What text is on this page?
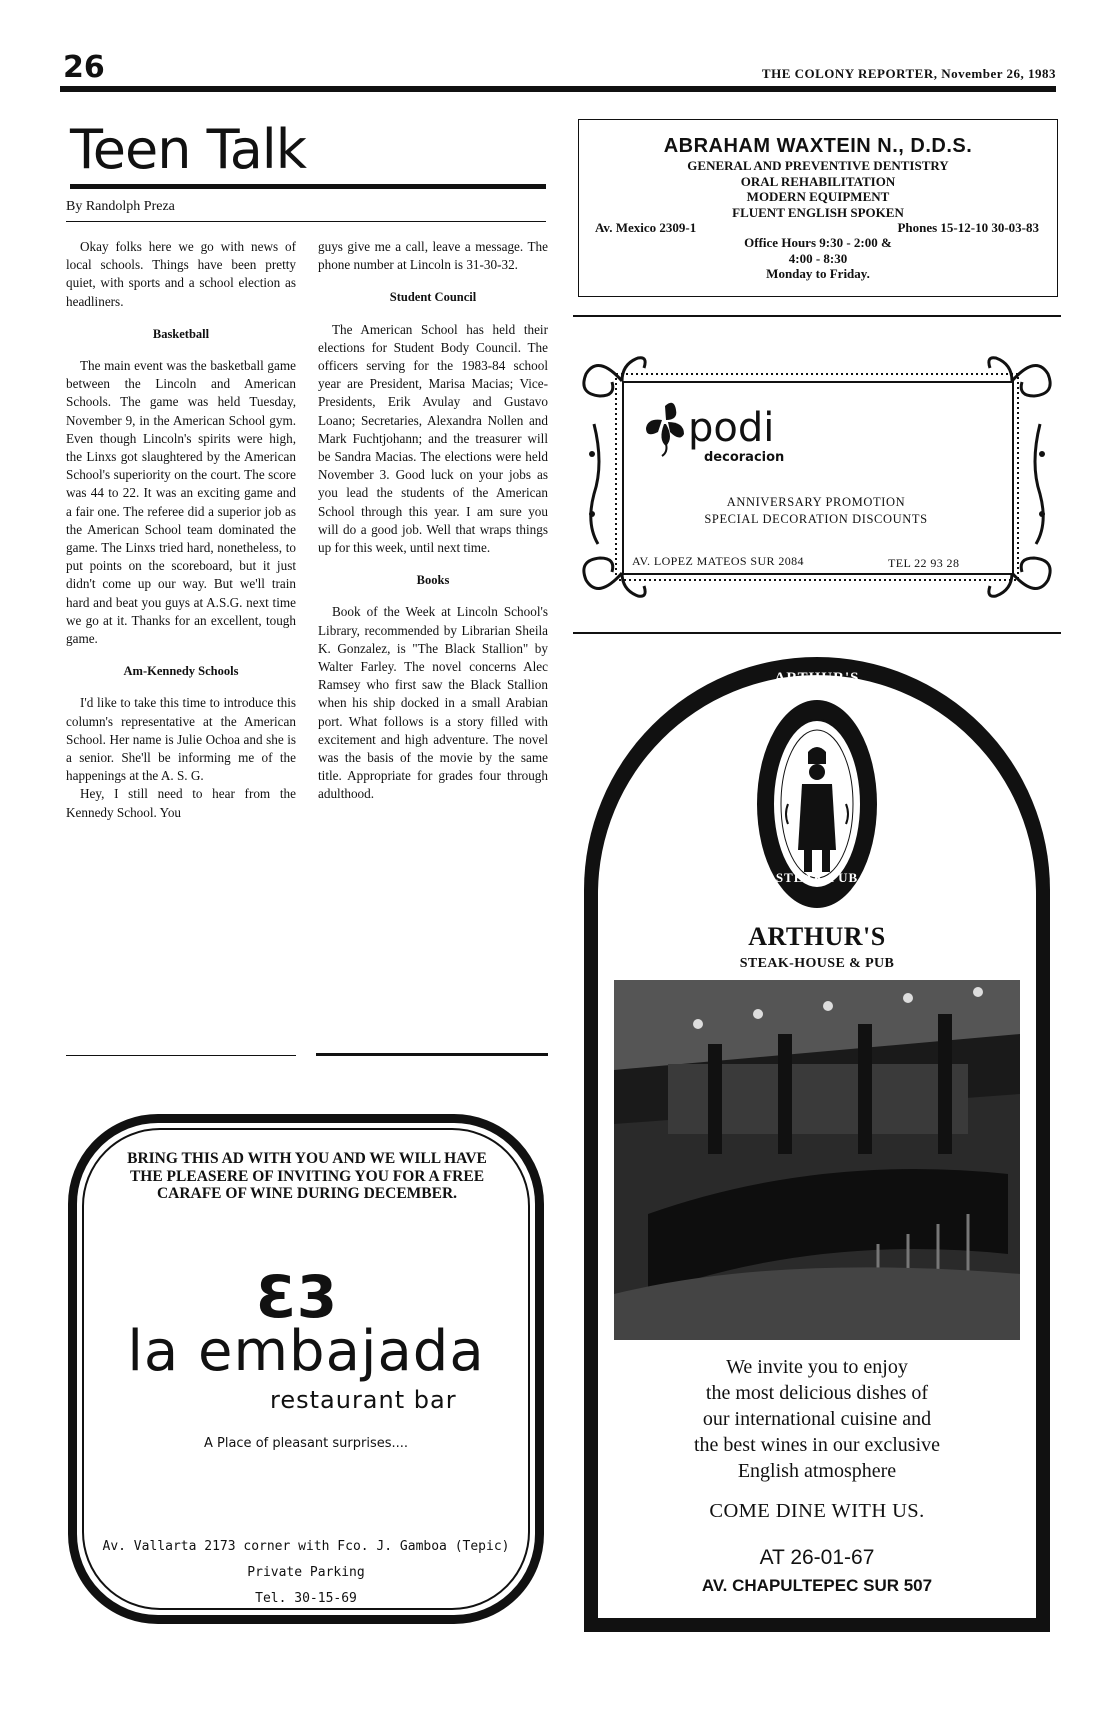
26	THE COLONY REPORTER, November 26, 1983
Teen Talk
By Randolph Preza

Okay folks here we go with news of local schools. Things have been pretty quiet, with sports and a school election as headliners.

Basketball

The main event was the basketball game between the Lincoln and American Schools. The game was held Tuesday, November 9, in the American School gym. Even though Lincoln's spirits were high, the Linxs got slaughtered by the American School's superiority on the court. The score was 44 to 22. It was an exciting game and a fair one. The referee did a superior job as the American School team dominated the game. The Linxs tried hard, nonetheless, to put points on the scoreboard, but it just didn't come up our way. But we'll train hard and beat you guys at A.S.G. next time we go at it. Thanks for an excellent, tough game.

Am-Kennedy Schools

I'd like to take this time to introduce this column's representative at the American School. Her name is Julie Ochoa and she is a senior. She'll be informing me of the happenings at the A. S. G.

Hey, I still need to hear from the Kennedy School. You

guys give me a call, leave a message. The phone number at Lincoln is 31-30-32.

Student Council

The American School has held their elections for Student Body Council. The officers serving for the 1983-84 school year are President, Marisa Macias; Vice-Presidents, Erik Avulay and Gustavo Loano; Secretaries, Alexandra Nollen and Mark Fuchtjohann; and the treasurer will be Sandra Macias. The elections were held November 3. Good luck on your jobs as you lead the students of the American School through this year. I am sure you will do a good job. Well that wraps things up for this week, until next time.

Books

Book of the Week at Lincoln School's Library, recommended by Librarian Sheila K. Gonzalez, is "The Black Stallion" by Walter Farley. The novel concerns Alec Ramsey who first saw the Black Stallion when his ship docked in a small Arabian port. What follows is a story filled with excitement and high adventure. The novel was the basis of the movie by the same title. Appropriate for grades four through adulthood.

ABRAHAM WAXTEIN N., D.D.S.
GENERAL AND PREVENTIVE DENTISTRY
ORAL REHABILITATION
MODERN EQUIPMENT
FLUENT ENGLISH SPOKEN
Av. Mexico 2309-1	Phones 15-12-10 30-03-83
Office Hours 9:30 - 2:00 &
4:00 - 8:30
Monday to Friday.
podi
decoracion
ANNIVERSARY PROMOTION
SPECIAL DECORATION DISCOUNTS
AV. LOPEZ MATEOS SUR 2084	TEL 22 93 28
ARTHUR'S
STEAK PUB
ARTHUR'S
STEAK-HOUSE & PUB
We invite you to enjoy
the most delicious dishes of
our international cuisine and
the best wines in our exclusive
English atmosphere
COME DINE WITH US.
AT 26-01-67
AV. CHAPULTEPEC SUR 507
BRING THIS AD WITH YOU AND WE WILL HAVE THE PLEASERE OF INVITING YOU FOR A FREE CARAFE OF WINE DURING DECEMBER.
ƐƐ
la embajada
restaurant bar
A Place of pleasant surprises....
Av. Vallarta 2173 corner with Fco. J. Gamboa (Tepic)
Private Parking
Tel. 30-15-69
